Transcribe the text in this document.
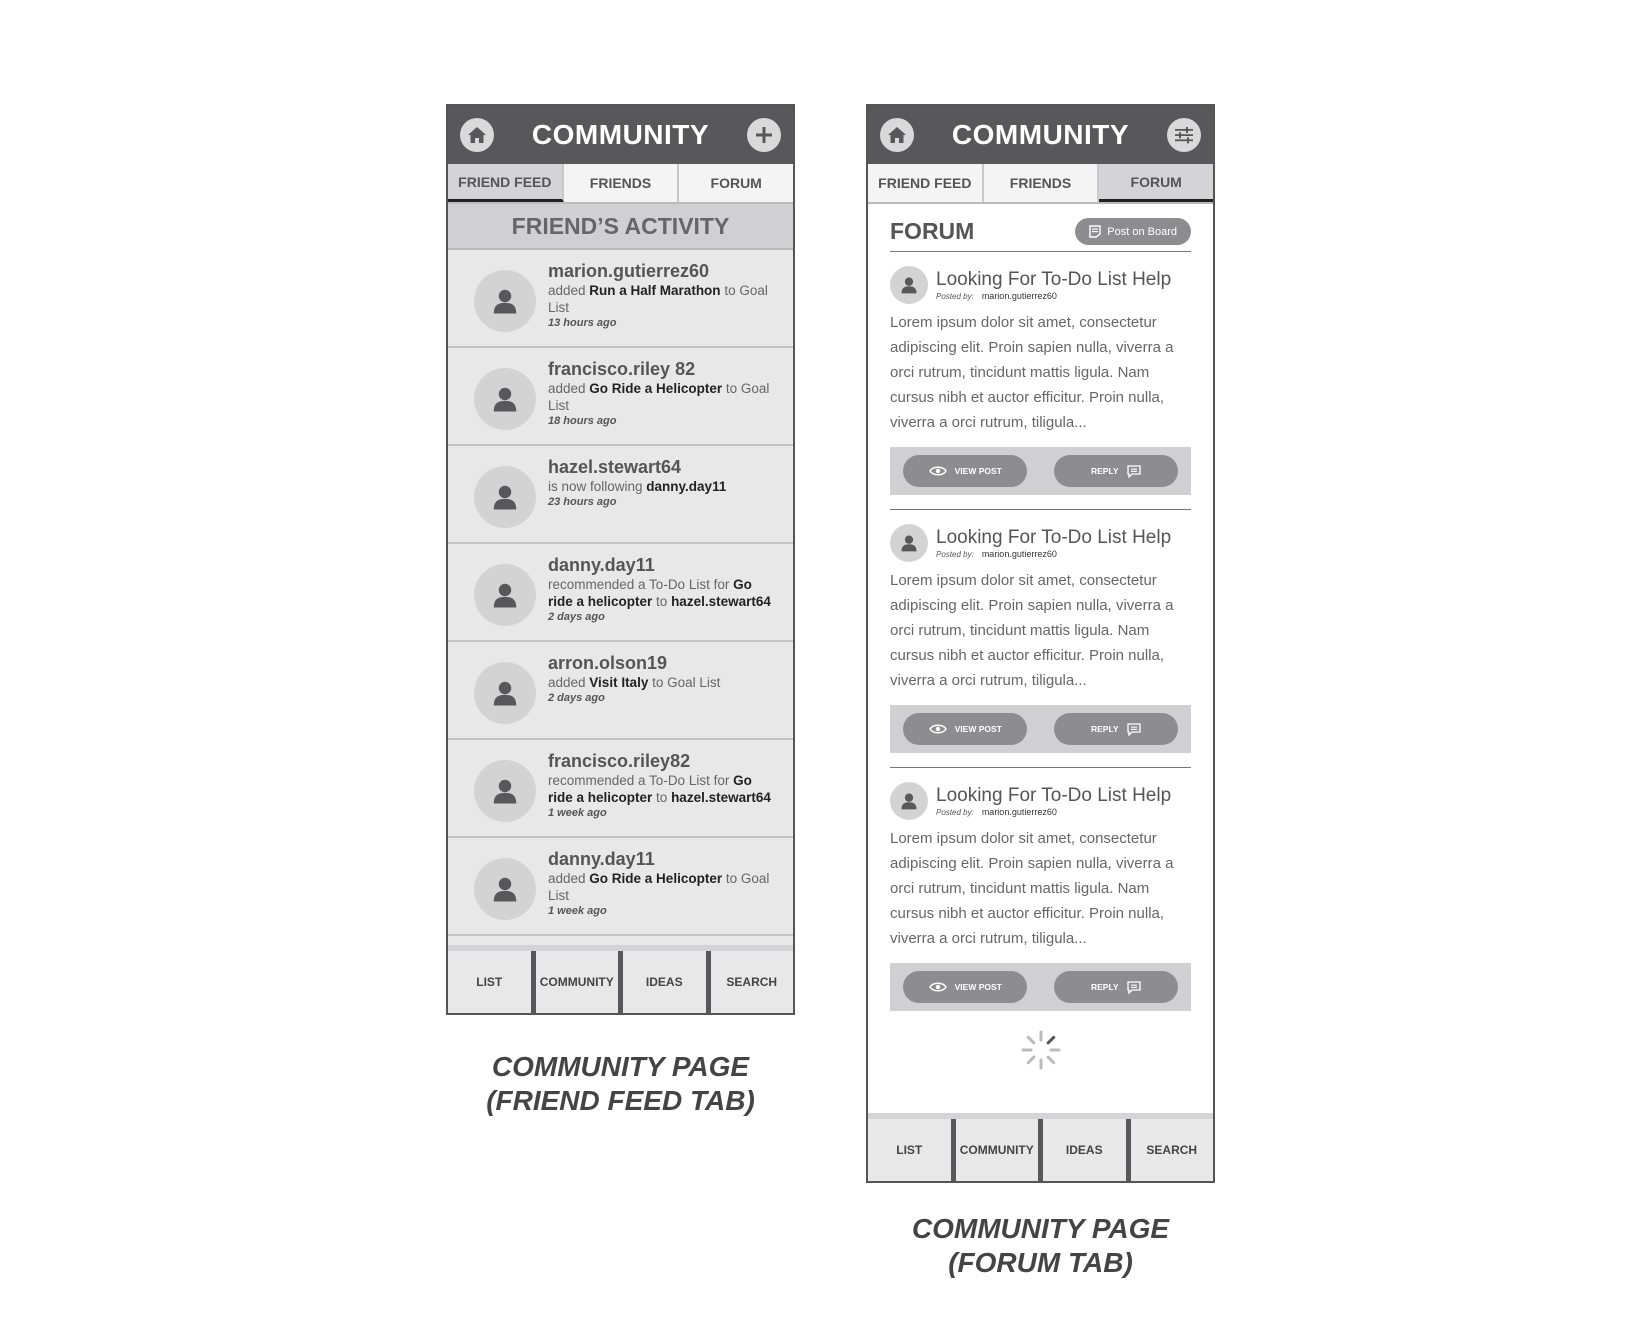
COMMUNITY
FRIEND FEED	FRIENDS	FORUM
FRIEND’S ACTIVITY
marion.gutierrez60
added Run a Half Marathon to Goal List
13 hours ago
francisco.riley 82
added Go Ride a Helicopter to Goal List
18 hours ago
hazel.stewart64
is now following danny.day11
23 hours ago
danny.day11
recommended a To-Do List for Go ride a helicopter to hazel.stewart64
2 days ago
arron.olson19
added Visit Italy to Goal List
2 days ago
francisco.riley82
recommended a To-Do List for Go ride a helicopter to hazel.stewart64
1 week ago
danny.day11
added Go Ride a Helicopter to Goal List
1 week ago
LIST	COMMUNITY	IDEAS	SEARCH
COMMUNITY PAGE
(FRIEND FEED TAB)
COMMUNITY
FRIEND FEED	FRIENDS	FORUM
FORUM	Post on Board
Looking For To-Do List Help
Posted by: marion.gutierrez60
Lorem ipsum dolor sit amet, consectetur adipiscing elit. Proin sapien nulla, viverra a orci rutrum, tincidunt mattis ligula. Nam cursus nibh et auctor efficitur. Proin nulla, viverra a orci rutrum, tiligula...
VIEW POST	REPLY
Looking For To-Do List Help
Posted by: marion.gutierrez60
Lorem ipsum dolor sit amet, consectetur adipiscing elit. Proin sapien nulla, viverra a orci rutrum, tincidunt mattis ligula. Nam cursus nibh et auctor efficitur. Proin nulla, viverra a orci rutrum, tiligula...
VIEW POST	REPLY
Looking For To-Do List Help
Posted by: marion.gutierrez60
Lorem ipsum dolor sit amet, consectetur adipiscing elit. Proin sapien nulla, viverra a orci rutrum, tincidunt mattis ligula. Nam cursus nibh et auctor efficitur. Proin nulla, viverra a orci rutrum, tiligula...
VIEW POST	REPLY
LIST	COMMUNITY	IDEAS	SEARCH
COMMUNITY PAGE
(FORUM TAB)
